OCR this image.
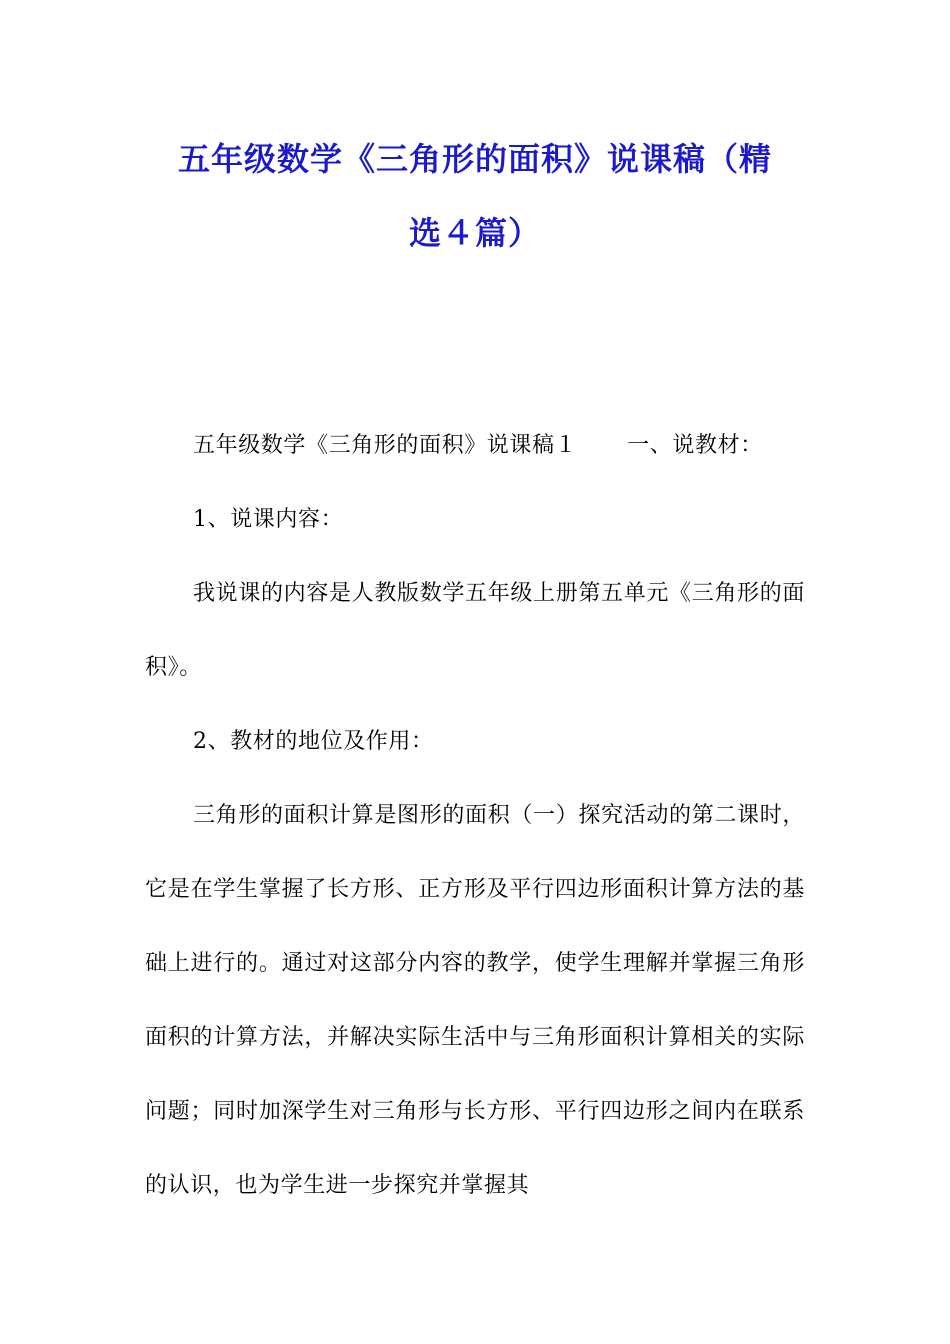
五年级数学《三角形的面积》说课稿（精
选４篇）

五年级数学《三角形的面积》说课稿１ 一、说教材：

1、说课内容：

我说课的内容是人教版数学五年级上册第五单元《三角形的面积》。

2、教材的地位及作用：

三角形的面积计算是图形的面积（一）探究活动的第二课时，它是在学生掌握了长方形、正方形及平行四边形面积计算方法的基础上进行的。通过对这部分内容的教学，使学生理解并掌握三角形面积的计算方法，并解决实际生活中与三角形面积计算相关的实际问题；同时加深学生对三角形与长方形、平行四边形之间内在联系的认识，也为学生进一步探究并掌握其
